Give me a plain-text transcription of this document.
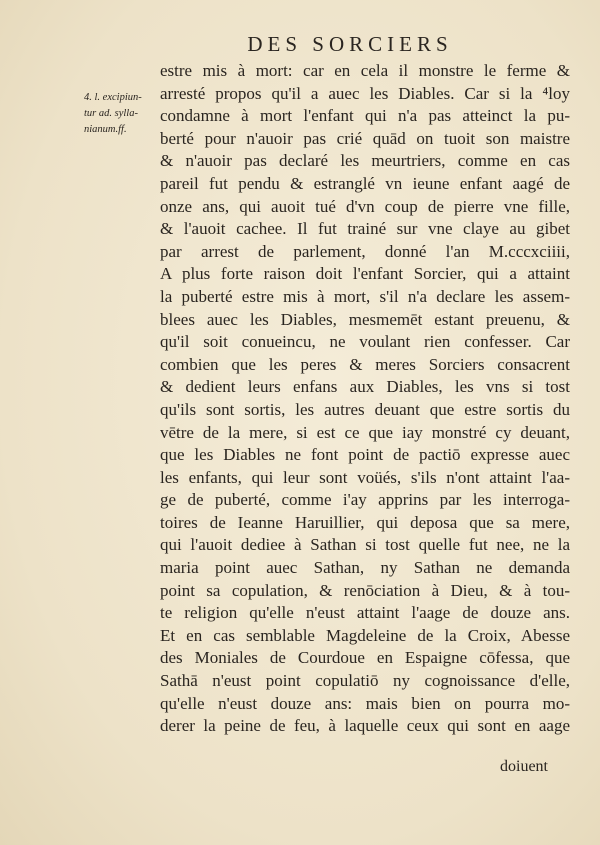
DES SORCIERS
4. l. excipiun-
tur ad. sylla-
nianum.ff.
estre mis à mort: car en cela il monstre le ferme &
arresté propos qu'il a auec les Diables. Car si la ⁴loy
condamne à mort l'enfant qui n'a pas attein​ct la pu-
berté pour n'auoir pas crié quād on tuoit son maistre
& n'auoir pas declaré les meurtriers, comme en cas
pareil fut pendu & estranglé vn ieune enfant aagé de
onze ans, qui auoit tué d'vn coup de pierre vne fille,
& l'auoit cachee. Il fut trainé sur vne claye au gibet
par arrest de parlement, donné l'an M.cccxciiii,
A plus forte raison doit l'enfant Sorcier, qui a attaint
la puberté estre mis à mort, s'il n'a declare les assem-
blees auec les Diables, mesmemēt estant preuenu, &
qu'il soit conueincu, ne voulant rien confesser. Car
combien que les peres & meres Sorciers consacrent
& dedient leurs enfans aux Diables, les vns si tost
qu'ils sont sortis, les autres deuant que estre sortis du
vētre de la mere, si est ce que iay monstré cy deuant,
que les Diables ne font point de pactiō expresse auec
les enfants, qui leur sont voüés, s'ils n'ont attaint l'aa-
ge de puberté, comme i'ay apprins par les interroga-
toires de Ieanne Haruillier, qui deposa que sa mere,
qui l'auoit dediee à Sathan si tost quelle fut nee, ne la
maria point auec Sathan, ny Sathan ne demanda
point sa copulation, & renōciation à Dieu, & à tou-
te religion qu'elle n'eust attaint l'aage de douze ans.
Et en cas semblable Magdeleine de la Croix, Abesse
des Moniales de Courdoue en Espaigne cōfessa, que
Sathā n'eust point copulatiō ny cognoissance d'elle,
qu'elle n'eust douze ans: mais bien on pourra mo-
derer la peine de feu, à laquelle ceux qui sont en aage
doiuent
